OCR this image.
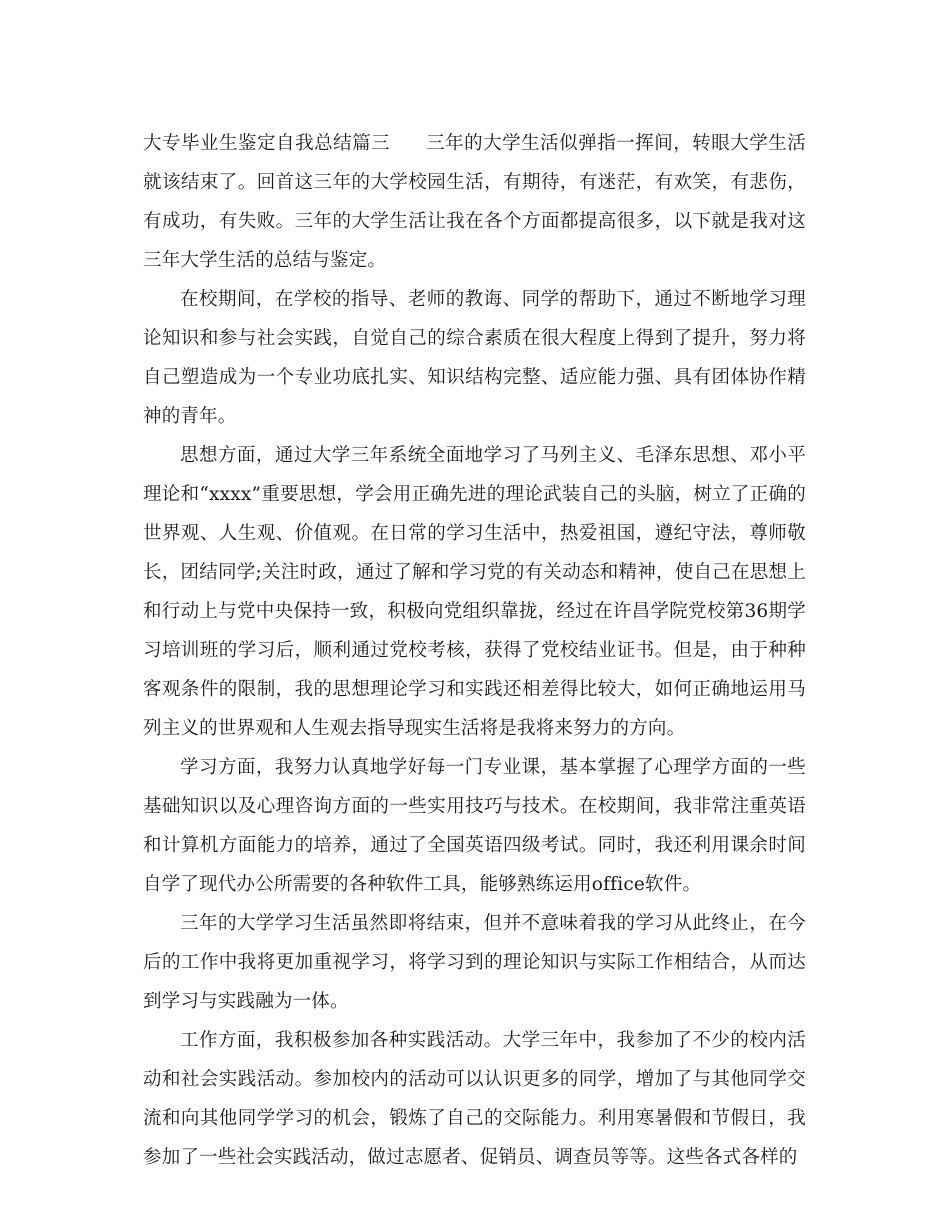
大专毕业生鉴定自我总结篇三 三年的大学生活似弹指一挥间，转眼大学生活就该结束了。回首这三年的大学校园生活，有期待，有迷茫，有欢笑，有悲伤，有成功，有失败。三年的大学生活让我在各个方面都提高很多，以下就是我对这三年大学生活的总结与鉴定。

在校期间，在学校的指导、老师的教诲、同学的帮助下，通过不断地学习理论知识和参与社会实践，自觉自己的综合素质在很大程度上得到了提升，努力将自己塑造成为一个专业功底扎实、知识结构完整、适应能力强、具有团体协作精神的青年。

思想方面，通过大学三年系统全面地学习了马列主义、毛泽东思想、邓小平理论和“xxxx”重要思想，学会用正确先进的理论武装自己的头脑，树立了正确的世界观、人生观、价值观。在日常的学习生活中，热爱祖国，遵纪守法，尊师敬长，团结同学;关注时政，通过了解和学习党的有关动态和精神，使自己在思想上和行动上与党中央保持一致，积极向党组织靠拢，经过在许昌学院党校第36期学习培训班的学习后，顺利通过党校考核，获得了党校结业证书。但是，由于种种客观条件的限制，我的思想理论学习和实践还相差得比较大，如何正确地运用马列主义的世界观和人生观去指导现实生活将是我将来努力的方向。

学习方面，我努力认真地学好每一门专业课，基本掌握了心理学方面的一些基础知识以及心理咨询方面的一些实用技巧与技术。在校期间，我非常注重英语和计算机方面能力的培养，通过了全国英语四级考试。同时，我还利用课余时间自学了现代办公所需要的各种软件工具，能够熟练运用office软件。

三年的大学学习生活虽然即将结束，但并不意味着我的学习从此终止，在今后的工作中我将更加重视学习，将学习到的理论知识与实际工作相结合，从而达到学习与实践融为一体。

工作方面，我积极参加各种实践活动。大学三年中，我参加了不少的校内活动和社会实践活动。参加校内的活动可以认识更多的同学，增加了与其他同学交流和向其他同学学习的机会，锻炼了自己的交际能力。利用寒暑假和节假日，我参加了一些社会实践活动，做过志愿者、促销员、调查员等等。这些各式各样的
